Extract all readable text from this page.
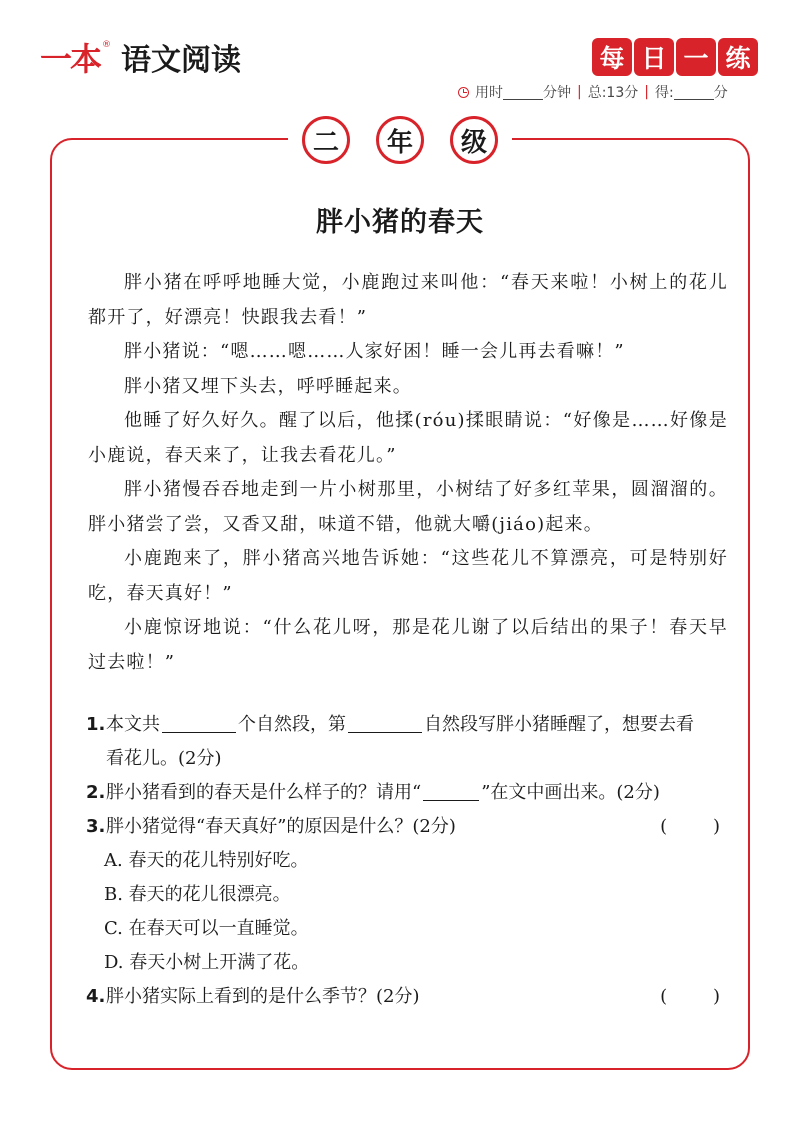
一本 ® 语文阅读	每 日 一 练
用时	分钟 | 总:13分 | 得:	分
二	年	级
胖小猪的春天

胖小猪在呼呼地睡大觉，小鹿跑过来叫他：“春天来啦！小树上的花儿都开了，好漂亮！快跟我去看！”

胖小猪说：“嗯……嗯……人家好困！睡一会儿再去看嘛！”

胖小猪又埋下头去，呼呼睡起来。

他睡了好久好久。醒了以后，他揉(róu)揉眼睛说：“好像是……好像是小鹿说，春天来了，让我去看花儿。”

胖小猪慢吞吞地走到一片小树那里，小树结了好多红苹果，圆溜溜的。胖小猪尝了尝，又香又甜，味道不错，他就大嚼(jiáo)起来。

小鹿跑来了，胖小猪高兴地告诉她：“这些花儿不算漂亮，可是特别好吃，春天真好！”

小鹿惊讶地说：“什么花儿呀，那是花儿谢了以后结出的果子！春天早过去啦！”

1. 本文共	个自然段，第	自然段写胖小猪睡醒了，想要去看
看花儿。(2分)
2. 胖小猪看到的春天是什么样子的？请用“	”在文中画出来。(2分)
3. 胖小猪觉得“春天真好”的原因是什么？(2分)	(        )
A. 春天的花儿特别好吃。
B. 春天的花儿很漂亮。
C. 在春天可以一直睡觉。
D. 春天小树上开满了花。
4. 胖小猪实际上看到的是什么季节？(2分)	(        )
